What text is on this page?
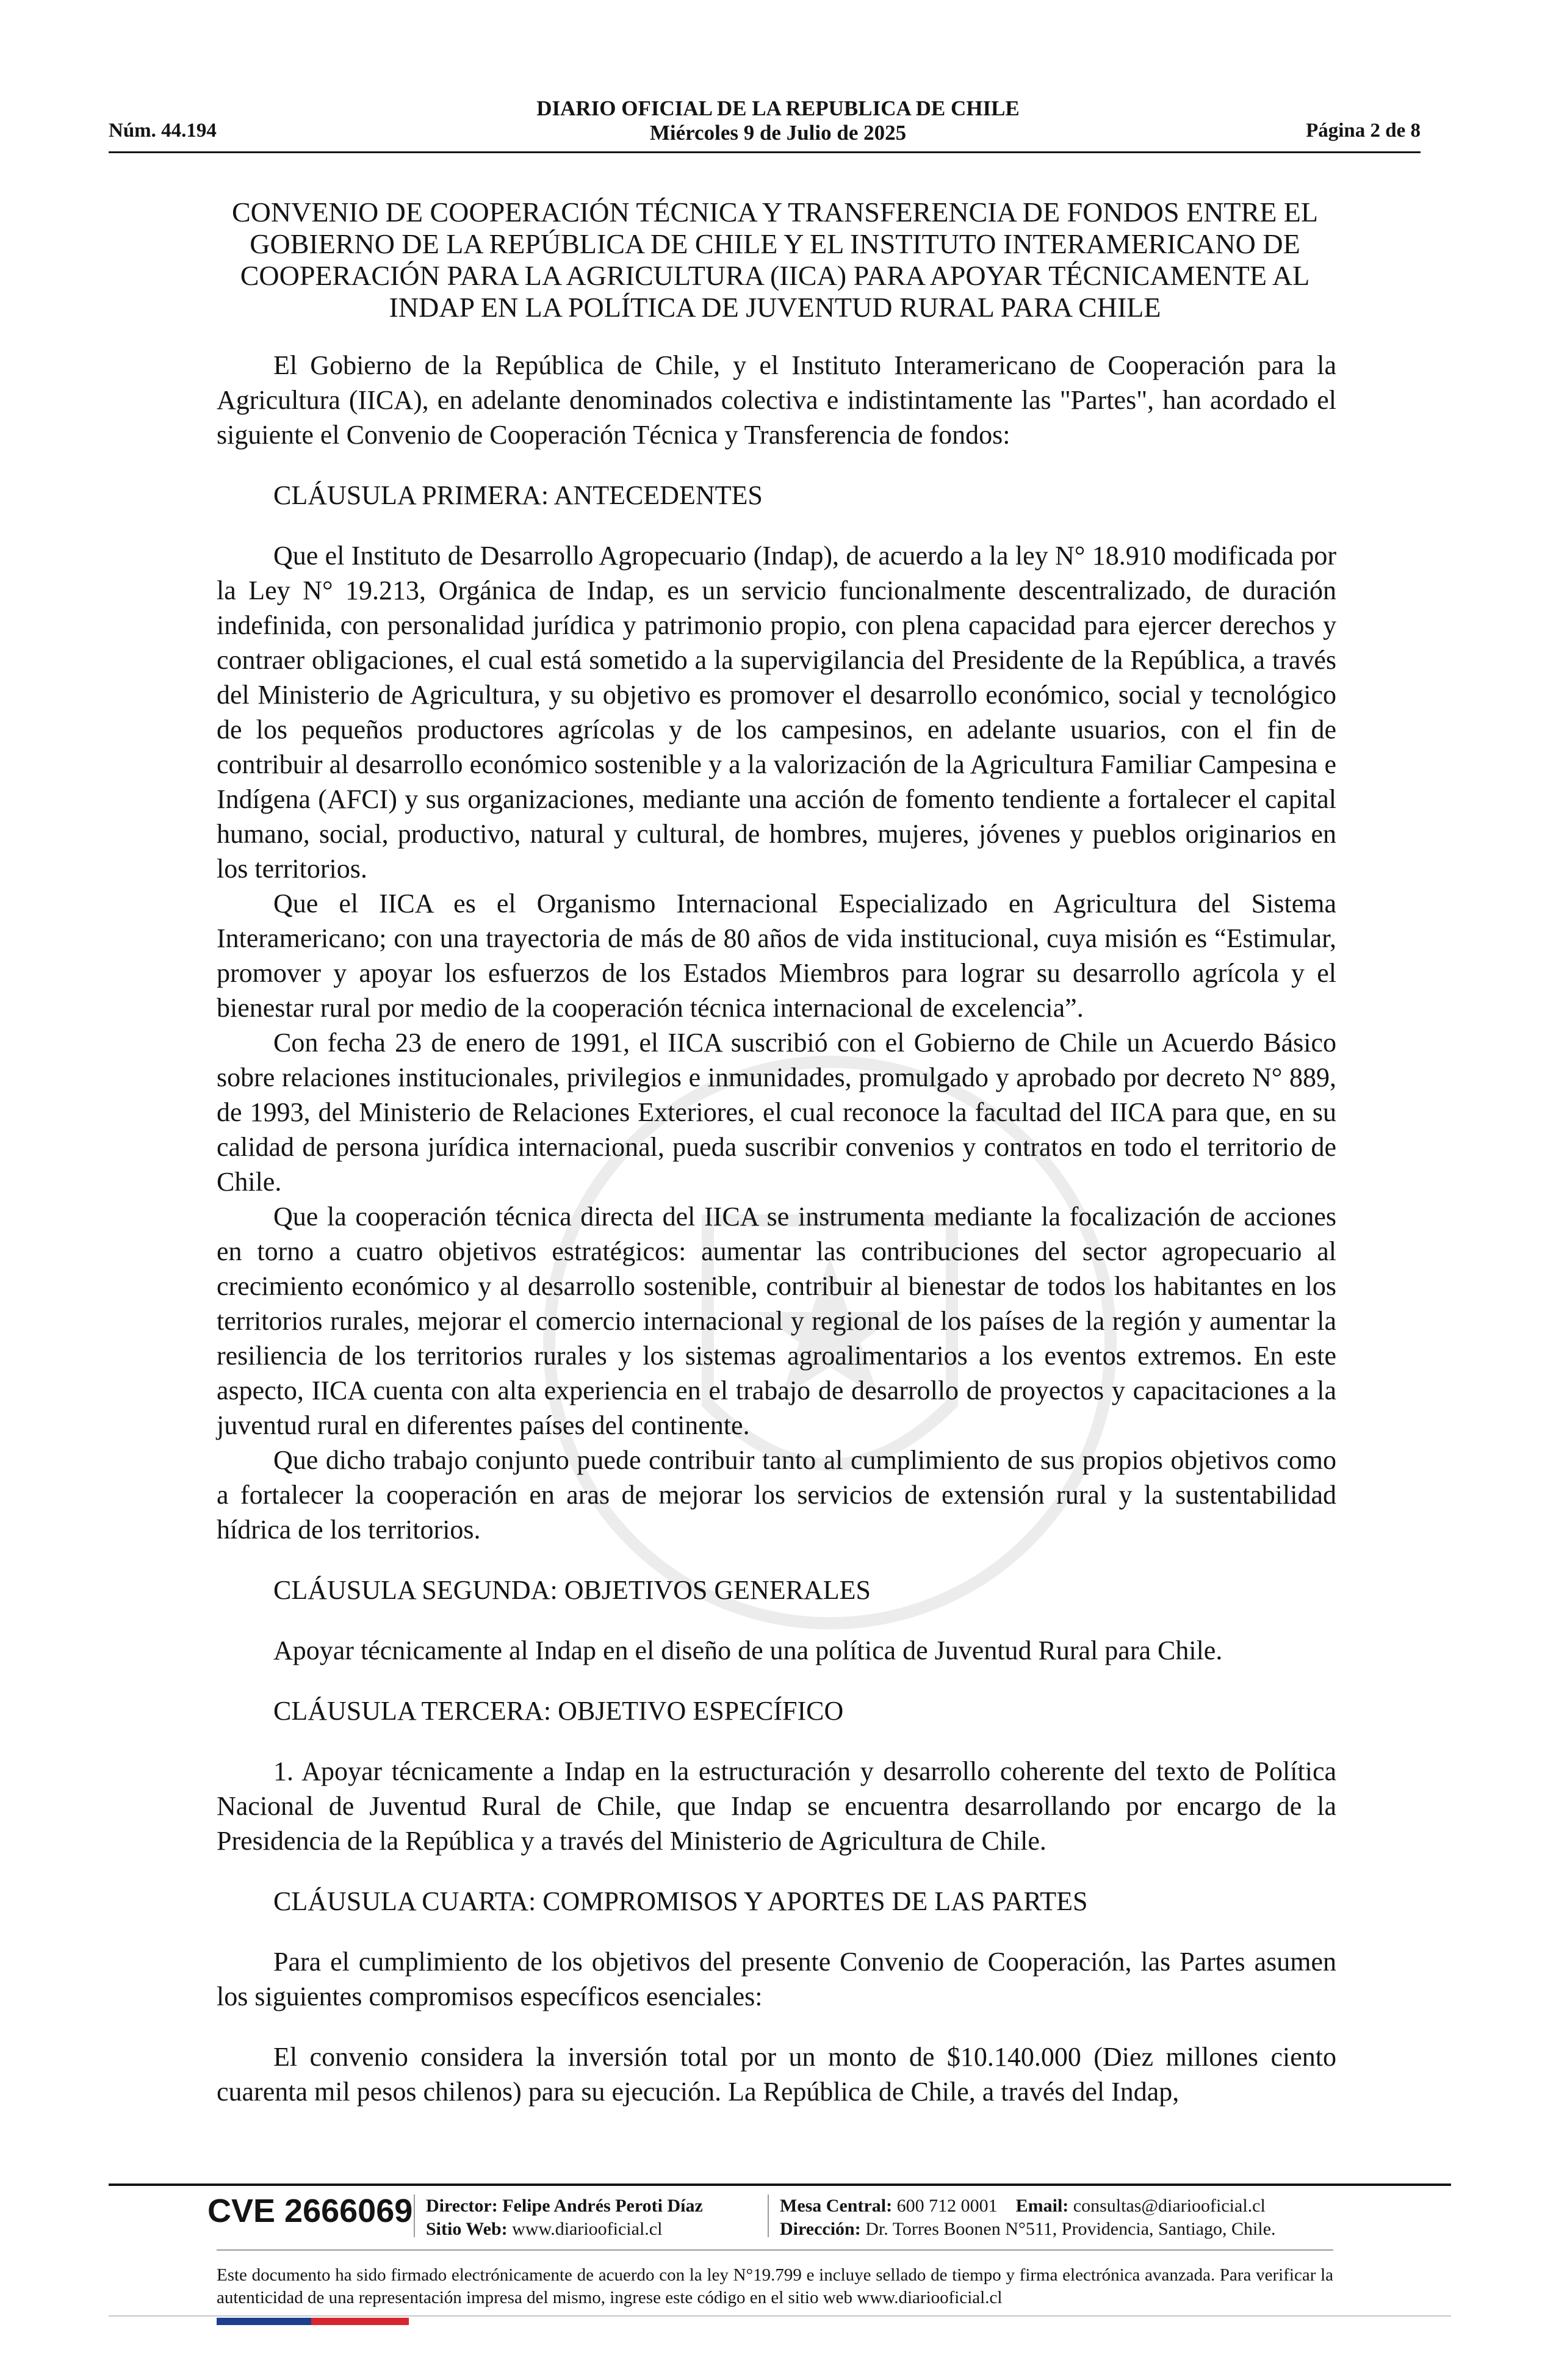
Núm. 44.194
DIARIO OFICIAL DE LA REPUBLICA DE CHILE
Miércoles 9 de Julio de 2025	Página 2 de 8
CONVENIO DE COOPERACIÓN TÉCNICA Y TRANSFERENCIA DE FONDOS ENTRE EL GOBIERNO DE LA REPÚBLICA DE CHILE Y EL INSTITUTO INTERAMERICANO DE COOPERACIÓN PARA LA AGRICULTURA (IICA) PARA APOYAR TÉCNICAMENTE AL INDAP EN LA POLÍTICA DE JUVENTUD RURAL PARA CHILE

El Gobierno de la República de Chile, y el Instituto Interamericano de Cooperación para la Agricultura (IICA), en adelante denominados colectiva e indistintamente las "Partes", han acordado el siguiente el Convenio de Cooperación Técnica y Transferencia de fondos:

CLÁUSULA PRIMERA: ANTECEDENTES

Que el Instituto de Desarrollo Agropecuario (Indap), de acuerdo a la ley N° 18.910 modificada por la Ley N° 19.213, Orgánica de Indap, es un servicio funcionalmente descentralizado, de duración indefinida, con personalidad jurídica y patrimonio propio, con plena capacidad para ejercer derechos y contraer obligaciones, el cual está sometido a la supervigilancia del Presidente de la República, a través del Ministerio de Agricultura, y su objetivo es promover el desarrollo económico, social y tecnológico de los pequeños productores agrícolas y de los campesinos, en adelante usuarios, con el fin de contribuir al desarrollo económico sostenible y a la valorización de la Agricultura Familiar Campesina e Indígena (AFCI) y sus organizaciones, mediante una acción de fomento tendiente a fortalecer el capital humano, social, productivo, natural y cultural, de hombres, mujeres, jóvenes y pueblos originarios en los territorios.

Que el IICA es el Organismo Internacional Especializado en Agricultura del Sistema Interamericano; con una trayectoria de más de 80 años de vida institucional, cuya misión es “Estimular, promover y apoyar los esfuerzos de los Estados Miembros para lograr su desarrollo agrícola y el bienestar rural por medio de la cooperación técnica internacional de excelencia”.

Con fecha 23 de enero de 1991, el IICA suscribió con el Gobierno de Chile un Acuerdo Básico sobre relaciones institucionales, privilegios e inmunidades, promulgado y aprobado por decreto N° 889, de 1993, del Ministerio de Relaciones Exteriores, el cual reconoce la facultad del IICA para que, en su calidad de persona jurídica internacional, pueda suscribir convenios y contratos en todo el territorio de Chile.

Que la cooperación técnica directa del IICA se instrumenta mediante la focalización de acciones en torno a cuatro objetivos estratégicos: aumentar las contribuciones del sector agropecuario al crecimiento económico y al desarrollo sostenible, contribuir al bienestar de todos los habitantes en los territorios rurales, mejorar el comercio internacional y regional de los países de la región y aumentar la resiliencia de los territorios rurales y los sistemas agroalimentarios a los eventos extremos. En este aspecto, IICA cuenta con alta experiencia en el trabajo de desarrollo de proyectos y capacitaciones a la juventud rural en diferentes países del continente.

Que dicho trabajo conjunto puede contribuir tanto al cumplimiento de sus propios objetivos como a fortalecer la cooperación en aras de mejorar los servicios de extensión rural y la sustentabilidad hídrica de los territorios.

CLÁUSULA SEGUNDA: OBJETIVOS GENERALES

Apoyar técnicamente al Indap en el diseño de una política de Juventud Rural para Chile.

CLÁUSULA TERCERA: OBJETIVO ESPECÍFICO

1. Apoyar técnicamente a Indap en la estructuración y desarrollo coherente del texto de Política Nacional de Juventud Rural de Chile, que Indap se encuentra desarrollando por encargo de la Presidencia de la República y a través del Ministerio de Agricultura de Chile.

CLÁUSULA CUARTA: COMPROMISOS Y APORTES DE LAS PARTES

Para el cumplimiento de los objetivos del presente Convenio de Cooperación, las Partes asumen los siguientes compromisos específicos esenciales:

El convenio considera la inversión total por un monto de $10.140.000 (Diez millones ciento cuarenta mil pesos chilenos) para su ejecución. La República de Chile, a través del Indap,

CVE 2666069 Director: Felipe Andrés Peroti Díaz
Sitio Web: www.diariooficial.cl
Mesa Central: 600 712 0001 Email: consultas@diariooficial.cl
Dirección: Dr. Torres Boonen N°511, Providencia, Santiago, Chile.
Este documento ha sido firmado electrónicamente de acuerdo con la ley N°19.799 e incluye sellado de tiempo y firma electrónica avanzada. Para verificar la autenticidad de una representación impresa del mismo, ingrese este código en el sitio web www.diariooficial.cl
